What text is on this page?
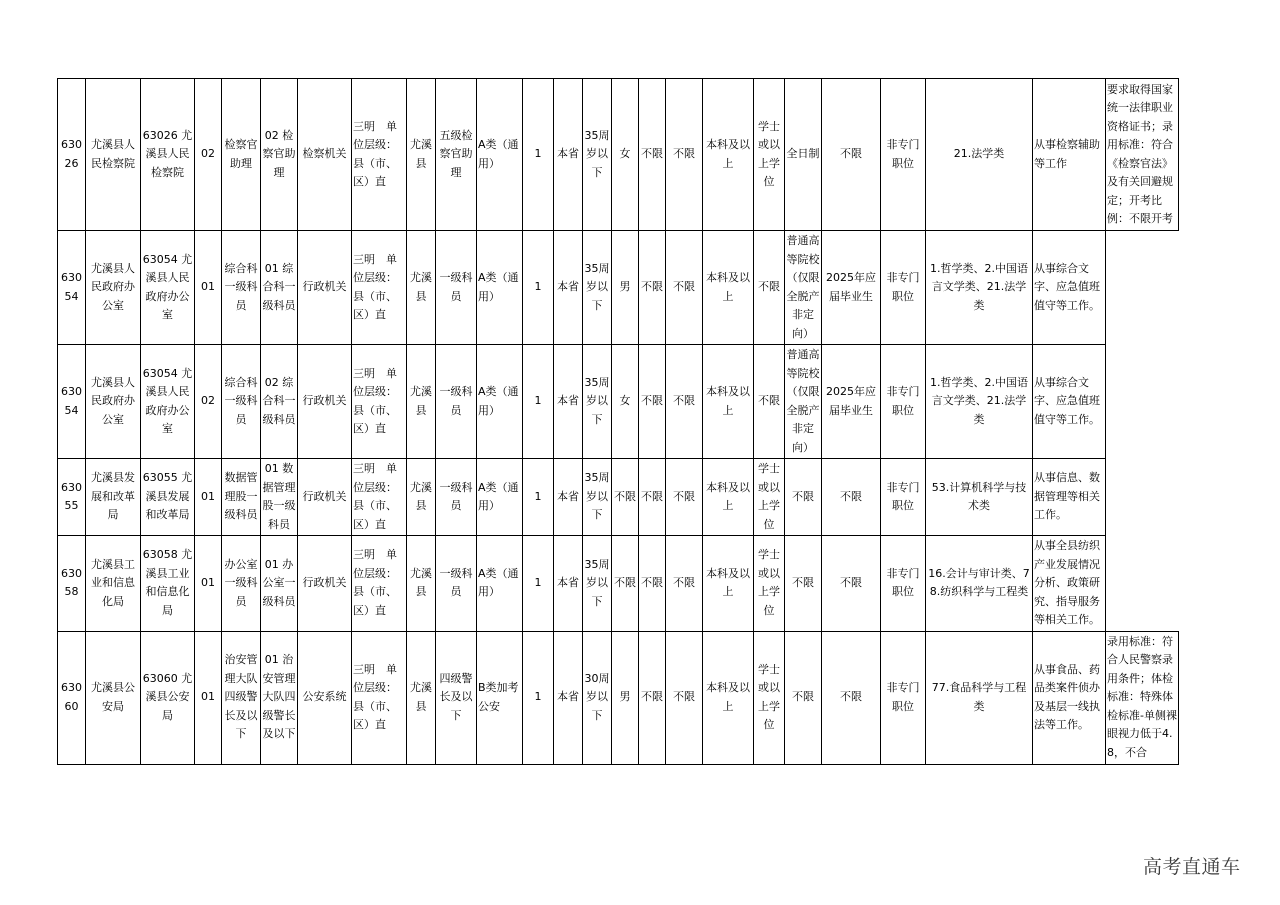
63026	尤溪县人民检察院	63026 尤溪县人民检察院	02	检察官助理	02 检察官助理	检察机关	三明　单位层级：县（市、区）直	尤溪县	五级检察官助理	A类（通用）	1	本省	35周岁以下	女	不限	不限	本科及以上	学士或以上学位	全日制	不限	非专门职位	21.法学类	从事检察辅助等工作	要求取得国家统一法律职业资格证书；录用标准：符合《检察官法》及有关回避规定；开考比例：不限开考
63054	尤溪县人民政府办公室	63054 尤溪县人民政府办公室	01	综合科一级科员	01 综合科一级科员	行政机关	三明　单位层级：县（市、区）直	尤溪县	一级科员	A类（通用）	1	本省	35周岁以下	男	不限	不限	本科及以上	不限	普通高等院校（仅限全脱产非定向）	2025年应届毕业生	非专门职位	1.哲学类、2.中国语言文学类、21.法学类	从事综合文字、应急值班值守等工作。	
63054	尤溪县人民政府办公室	63054 尤溪县人民政府办公室	02	综合科一级科员	02 综合科一级科员	行政机关	三明　单位层级：县（市、区）直	尤溪县	一级科员	A类（通用）	1	本省	35周岁以下	女	不限	不限	本科及以上	不限	普通高等院校（仅限全脱产非定向）	2025年应届毕业生	非专门职位	1.哲学类、2.中国语言文学类、21.法学类	从事综合文字、应急值班值守等工作。	
63055	尤溪县发展和改革局	63055 尤溪县发展和改革局	01	数据管理股一级科员	01 数据管理股一级科员	行政机关	三明　单位层级：县（市、区）直	尤溪县	一级科员	A类（通用）	1	本省	35周岁以下	不限	不限	不限	本科及以上	学士或以上学位	不限	不限	非专门职位	53.计算机科学与技术类	从事信息、数据管理等相关工作。	
63058	尤溪县工业和信息化局	63058 尤溪县工业和信息化局	01	办公室一级科员	01 办公室一级科员	行政机关	三明　单位层级：县（市、区）直	尤溪县	一级科员	A类（通用）	1	本省	35周岁以下	不限	不限	不限	本科及以上	学士或以上学位	不限	不限	非专门职位	16.会计与审计类、78.纺织科学与工程类	从事全县纺织产业发展情况分析、政策研究、指导服务等相关工作。	
63060	尤溪县公安局	63060 尤溪县公安局	01	治安管理大队四级警长及以下	01 治安管理大队四级警长及以下	公安系统	三明　单位层级：县（市、区）直	尤溪县	四级警长及以下	B类加考公安	1	本省	30周岁以下	男	不限	不限	本科及以上	学士或以上学位	不限	不限	非专门职位	77.食品科学与工程类	从事食品、药品类案件侦办及基层一线执法等工作。	录用标准：符合人民警察录用条件；体检标准：特殊体检标准-单侧裸眼视力低于4.8，不合
高考直通车
